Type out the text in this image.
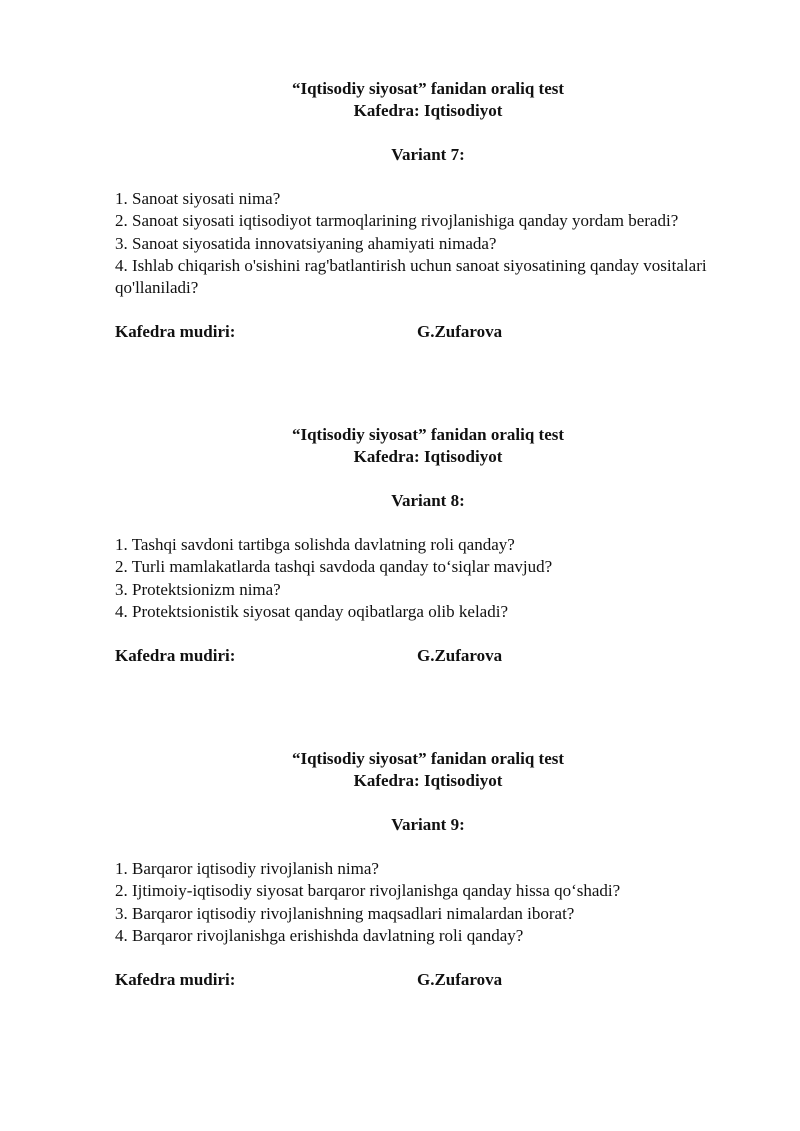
“Iqtisodiy siyosat” fanidan oraliq test

Kafedra: Iqtisodiyot

Variant 7:

1. Sanoat siyosati nima?
2. Sanoat siyosati iqtisodiyot tarmoqlarining rivojlanishiga qanday yordam beradi?
3. Sanoat siyosatida innovatsiyaning ahamiyati nimada?
4. Ishlab chiqarish o'sishini rag'batlantirish uchun sanoat siyosatining qanday vositalari qo'llaniladi?
Kafedra mudiri:	G.Zufarova

“Iqtisodiy siyosat” fanidan oraliq test

Kafedra: Iqtisodiyot

Variant 8:

1. Tashqi savdoni tartibga solishda davlatning roli qanday?
2. Turli mamlakatlarda tashqi savdoda qanday to‘siqlar mavjud?
3. Protektsionizm nima?
4. Protektsionistik siyosat qanday oqibatlarga olib keladi?
Kafedra mudiri:	G.Zufarova

“Iqtisodiy siyosat” fanidan oraliq test

Kafedra: Iqtisodiyot

Variant 9:

1. Barqaror iqtisodiy rivojlanish nima?
2. Ijtimoiy-iqtisodiy siyosat barqaror rivojlanishga qanday hissa qo‘shadi?
3. Barqaror iqtisodiy rivojlanishning maqsadlari nimalardan iborat?
4. Barqaror rivojlanishga erishishda davlatning roli qanday?
Kafedra mudiri:	G.Zufarova
